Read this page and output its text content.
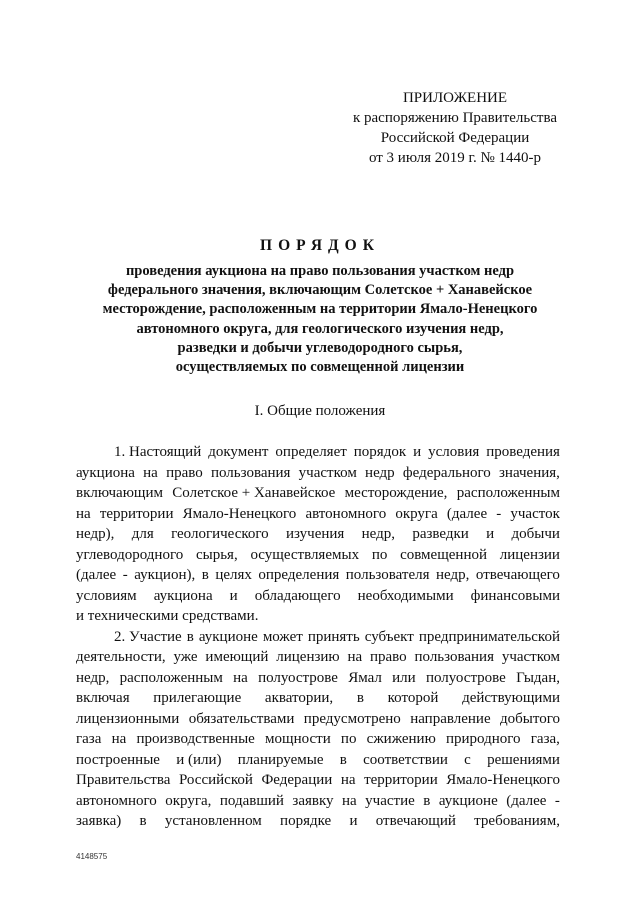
ПРИЛОЖЕНИЕ
к распоряжению Правительства
Российской Федерации
от 3 июля 2019 г. № 1440-р
ПОРЯДОК
проведения аукциона на право пользования участком недр
федерального значения, включающим Солетское + Ханавейское
месторождение, расположенным на территории Ямало-Ненецкого
автономного округа, для геологического изучения недр,
разведки и добычи углеводородного сырья,
осуществляемых по совмещенной лицензии
I. Общие положения
1. Настоящий документ определяет порядок и условия проведения
аукциона на право пользования участком недр федерального значения,
включающим Солетское + Ханавейское месторождение, расположенным
на территории Ямало-Ненецкого автономного округа (далее - участок
недр), для геологического изучения недр, разведки и добычи
углеводородного сырья, осуществляемых по совмещенной лицензии
(далее - аукцион), в целях определения пользователя недр, отвечающего
условиям аукциона и обладающего необходимыми финансовыми
и техническими средствами.
2. Участие в аукционе может принять субъект предпринимательской
деятельности, уже имеющий лицензию на право пользования участком
недр, расположенным на полуострове Ямал или полуострове Гыдан,
включая прилегающие акватории, в которой действующими
лицензионными обязательствами предусмотрено направление добытого
газа на производственные мощности по сжижению природного газа,
построенные и (или) планируемые в соответствии с решениями
Правительства Российской Федерации на территории Ямало-Ненецкого
автономного округа, подавший заявку на участие в аукционе (далее -
заявка) в установленном порядке и отвечающий требованиям,
4148575
